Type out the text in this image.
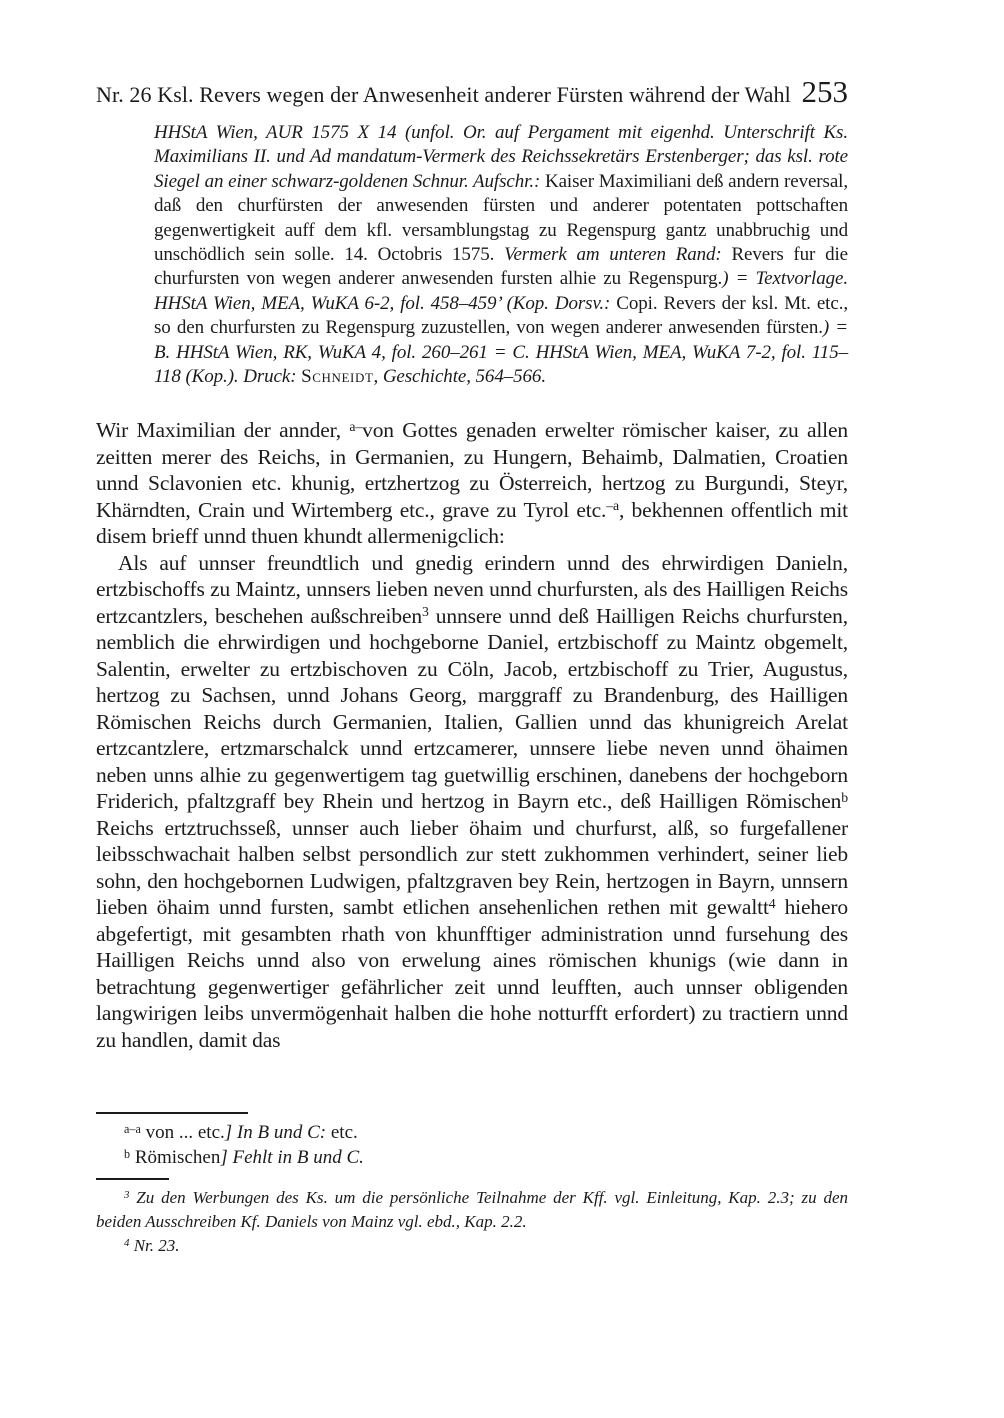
Nr. 26 Ksl. Revers wegen der Anwesenheit anderer Fürsten während der Wahl 253
HHStA Wien, AUR 1575 X 14 (unfol. Or. auf Pergament mit eigenhd. Unterschrift Ks. Maximilians II. und Ad mandatum-Vermerk des Reichssekretärs Erstenberger; das ksl. rote Siegel an einer schwarz-goldenen Schnur. Aufschr.: Kaiser Maximiliani deß andern reversal, daß den churfürsten der anwesenden fürsten und anderer potentaten pottschaften gegenwertigkeit auff dem kfl. versamblungstag zu Regenspurg gantz unabbruchig und unschödlich sein solle. 14. Octobris 1575. Vermerk am unteren Rand: Revers fur die churfursten von wegen anderer anwesenden fursten alhie zu Regenspurg.) = Textvorlage. HHStA Wien, MEA, WuKA 6-2, fol. 458–459’ (Kop. Dorsv.: Copi. Revers der ksl. Mt. etc., so den churfursten zu Regenspurg zuzustellen, von wegen anderer anwesenden fürsten.) = B. HHStA Wien, RK, WuKA 4, fol. 260–261 = C. HHStA Wien, MEA, WuKA 7-2, fol. 115–118 (Kop.). Druck: Schneidt, Geschichte, 564–566.

Wir Maximilian der annder, $^{a-}$von Gottes genaden erwelter römischer kaiser, zu allen zeitten merer des Reichs, in Germanien, zu Hungern, Behaimb, Dalmatien, Croatien unnd Sclavonien etc. khunig, ertzhertzog zu Österreich, hertzog zu Burgundi, Steyr, Khärndten, Crain und Wirtemberg etc., grave zu Tyrol etc.$^{-a}$, bekhennen offentlich mit disem brieff unnd thuen khundt allermenigclich:

Als auf unnser freundtlich und gnedig erindern unnd des ehrwirdigen Danieln, ertzbischoffs zu Maintz, unnsers lieben neven unnd churfursten, als des Hailligen Reichs ertzcantzlers, beschehen außschreiben$^3$ unnsere unnd deß Hailligen Reichs churfursten, nemblich die ehrwirdigen und hochgeborne Daniel, ertzbischoff zu Maintz obgemelt, Salentin, erwelter zu ertzbischoven zu Cöln, Jacob, ertzbischoff zu Trier, Augustus, hertzog zu Sachsen, unnd Johans Georg, marggraff zu Brandenburg, des Hailligen Römischen Reichs durch Germanien, Italien, Gallien unnd das khunigreich Arelat ertzcantzlere, ertzmarschalck unnd ertzcamerer, unnsere liebe neven unnd öhaimen neben unns alhie zu gegenwertigem tag guetwillig erschinen, danebens der hochgeborn Friderich, pfaltzgraff bey Rhein und hertzog in Bayrn etc., deß Hailligen Römischen$^b$ Reichs ertztruchsseß, unnser auch lieber öhaim und churfurst, alß, so furgefallener leibsschwachait halben selbst persondlich zur stett zukhommen verhindert, seiner lieb sohn, den hochgebornen Ludwigen, pfaltzgraven bey Rein, hertzogen in Bayrn, unnsern lieben öhaim unnd fursten, sambt etlichen ansehenlichen rethen mit gewaltt$^4$ hiehero abgefertigt, mit gesambten rhath von khunfftiger administration unnd fursehung des Hailligen Reichs unnd also von erwelung aines römischen khunigs (wie dann in betrachtung gegenwertiger gefährlicher zeit unnd leufften, auch unnser obligenden langwirigen leibs unvermögenhait halben die hohe notturfft erfordert) zu tractiern unnd zu handlen, damit das

$^{a-a}$ von ... etc.] In B und C: etc.

$^b$ Römischen] Fehlt in B und C.

$^3$ Zu den Werbungen des Ks. um die persönliche Teilnahme der Kff. vgl. Einleitung, Kap. 2.3; zu den beiden Ausschreiben Kf. Daniels von Mainz vgl. ebd., Kap. 2.2.

$^4$ Nr. 23.
